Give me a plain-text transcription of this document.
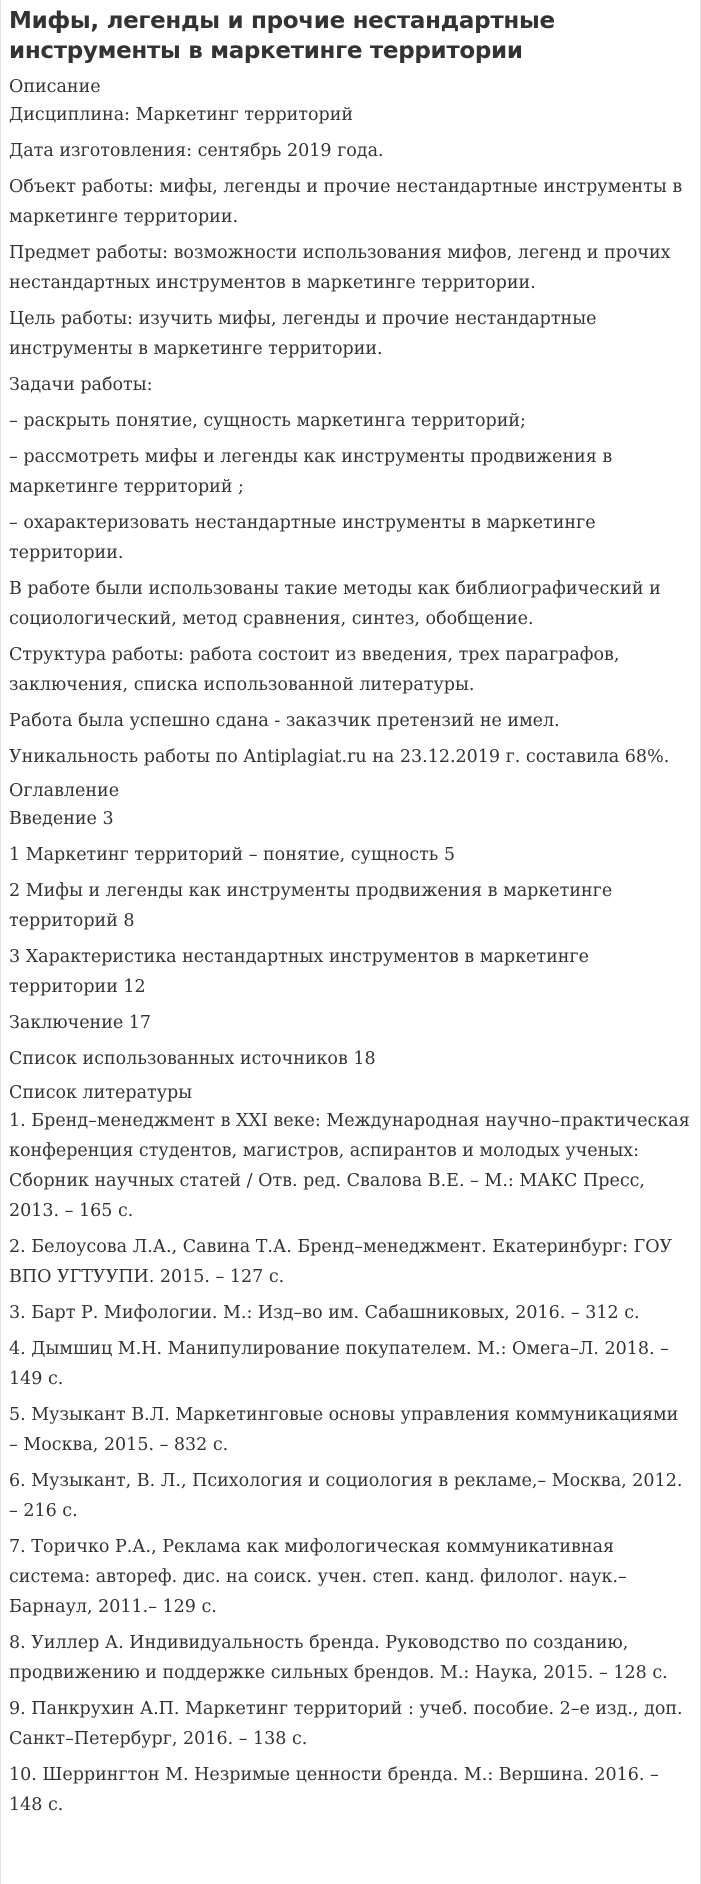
Мифы, легенды и прочие нестандартные инструменты в маркетинге территории
Описание

Дисциплина: Маркетинг территорий

Дата изготовления: сентябрь 2019 года.

Объект работы: мифы, легенды и прочие нестандартные инструменты в маркетинге территории.

Предмет работы: возможности использования мифов, легенд и прочих нестандартных инструментов в маркетинге территории.

Цель работы: изучить мифы, легенды и прочие нестандартные инструменты в маркетинге территории.

Задачи работы:

– раскрыть понятие, сущность маркетинга территорий;

– рассмотреть мифы и легенды как инструменты продвижения в маркетинге территорий ;

– охарактеризовать нестандартные инструменты в маркетинге территории.

В работе были использованы такие методы как библиографический и социологический, метод сравнения, синтез, обобщение.

Структура работы: работа состоит из введения, трех параграфов, заключения, списка использованной литературы.

Работа была успешно сдана - заказчик претензий не имел.

Уникальность работы по Antiplagiat.ru на 23.12.2019 г. составила 68%.

Оглавление

Введение 3

1 Маркетинг территорий – понятие, сущность 5

2 Мифы и легенды как инструменты продвижения в маркетинге территорий 8

3 Характеристика нестандартных инструментов в маркетинге территории 12

Заключение 17

Список использованных источников 18

Список литературы

1. Бренд–менеджмент в XXI веке: Международная научно–практическая конференция студентов, магистров, аспирантов и молодых ученых: Сборник научных статей / Отв. ред. Свалова В.Е. – М.: МАКС Пресс, 2013. – 165 с.

2. Белоусова Л.А., Савина Т.А. Бренд–менеджмент. Екатеринбург: ГОУ ВПО УГТУУПИ. 2015. – 127 с.

3. Барт Р. Мифологии. М.: Изд–во им. Сабашниковых, 2016. – 312 с.

4. Дымшиц М.Н. Манипулирование покупателем. М.: Омега–Л. 2018. – 149 с.

5. Музыкант В.Л. Маркетинговые основы управления коммуникациями – Москва, 2015. – 832 с.

6. Музыкант, В. Л., Психология и социология в рекламе,– Москва, 2012. – 216 с.

7. Торичко Р.А., Реклама как мифологическая коммуникативная система: автореф. дис. на соиск. учен. степ. канд. филолог. наук.– Барнаул, 2011.– 129 с.

8. Уиллер А. Индивидуальность бренда. Руководство по созданию, продвижению и поддержке сильных брендов. М.: Наука, 2015. – 128 с.

9. Панкрухин А.П. Маркетинг территорий : учеб. пособие. 2–е изд., доп. Санкт–Петербург, 2016. – 138 с.

10. Шеррингтон М. Незримые ценности бренда. М.: Вершина. 2016. – 148 с.
